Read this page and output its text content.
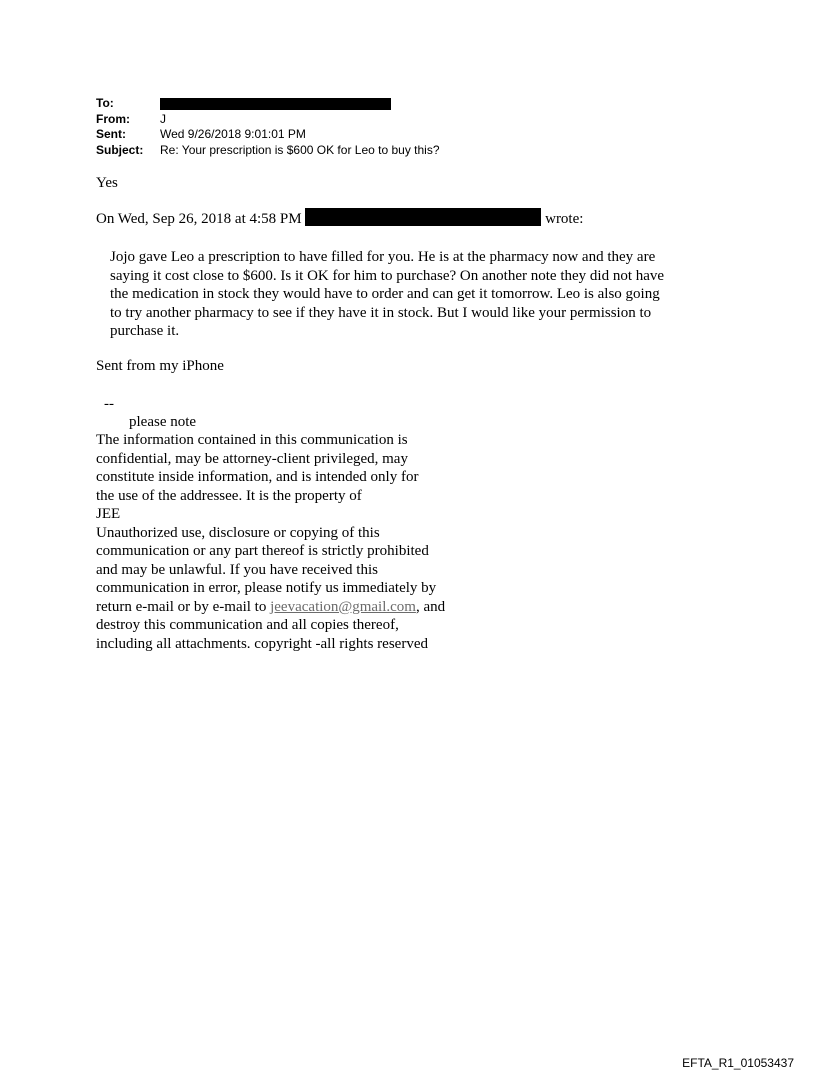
To:
From:	J
Sent:	Wed 9/26/2018 9:01:01 PM
Subject:	Re: Your prescription is $600 OK for Leo to buy this?
Yes
On Wed, Sep 26, 2018 at 4:58 PM	wrote:

Jojo gave Leo a prescription to have filled for you. He is at the pharmacy now and they are

saying it cost close to $600. Is it OK for him to purchase? On another note they did not have

the medication in stock they would have to order and can get it tomorrow. Leo is also going

to try another pharmacy to see if they have it in stock. But I would like your permission to

purchase it.

Sent from my iPhone
--
please note
The information contained in this communication is
confidential, may be attorney-client privileged, may
constitute inside information, and is intended only for
the use of the addressee. It is the property of
JEE
Unauthorized use, disclosure or copying of this
communication or any part thereof is strictly prohibited
and may be unlawful. If you have received this
communication in error, please notify us immediately by
return e-mail or by e-mail to jeevacation@gmail.com, and
destroy this communication and all copies thereof,
including all attachments. copyright -all rights reserved
EFTA_R1_01053437
